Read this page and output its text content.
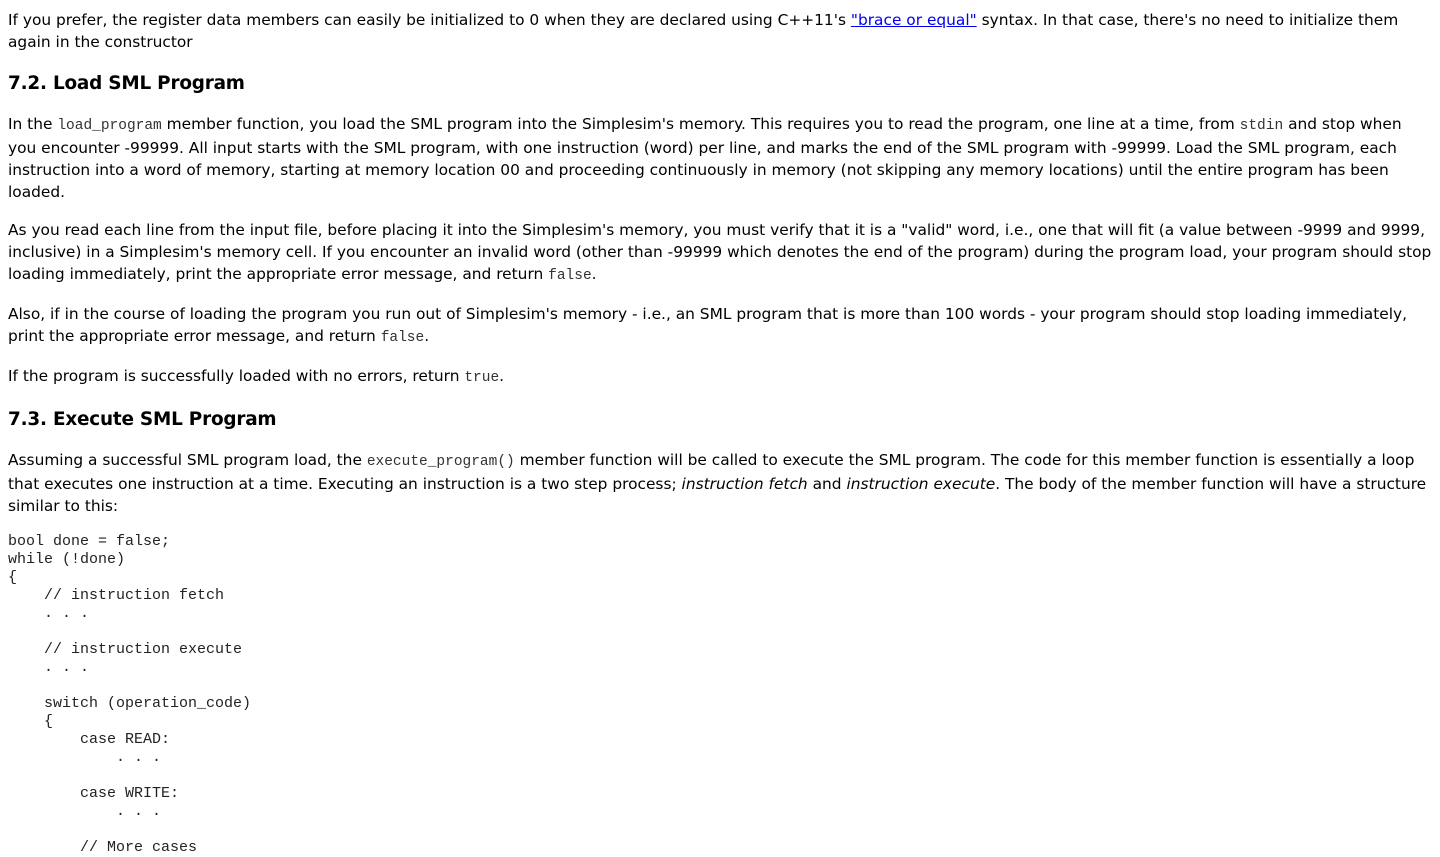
If you prefer, the register data members can easily be initialized to 0 when they are declared using C++11's "brace or equal" syntax. In that case, there's no need to initialize them again in the constructor

7.2. Load SML Program

In the load_program member function, you load the SML program into the Simplesim's memory. This requires you to read the program, one line at a time, from stdin and stop when you encounter -99999. All input starts with the SML program, with one instruction (word) per line, and marks the end of the SML program with -99999. Load the SML program, each instruction into a word of memory, starting at memory location 00 and proceeding continuously in memory (not skipping any memory locations) until the entire program has been loaded.

As you read each line from the input file, before placing it into the Simplesim's memory, you must verify that it is a "valid" word, i.e., one that will fit (a value between -9999 and 9999, inclusive) in a Simplesim's memory cell. If you encounter an invalid word (other than -99999 which denotes the end of the program) during the program load, your program should stop loading immediately, print the appropriate error message, and return false.

Also, if in the course of loading the program you run out of Simplesim's memory - i.e., an SML program that is more than 100 words - your program should stop loading immediately, print the appropriate error message, and return false.

If the program is successfully loaded with no errors, return true.

7.3. Execute SML Program

Assuming a successful SML program load, the execute_program() member function will be called to execute the SML program. The code for this member function is essentially a loop that executes one instruction at a time. Executing an instruction is a two step process; instruction fetch and instruction execute. The body of the member function will have a structure similar to this:

bool done = false;
while (!done)
{
// instruction fetch
. . .
// instruction execute
. . .
switch (operation_code)
{
case READ:
. . .
case WRITE:
. . .
// More cases
